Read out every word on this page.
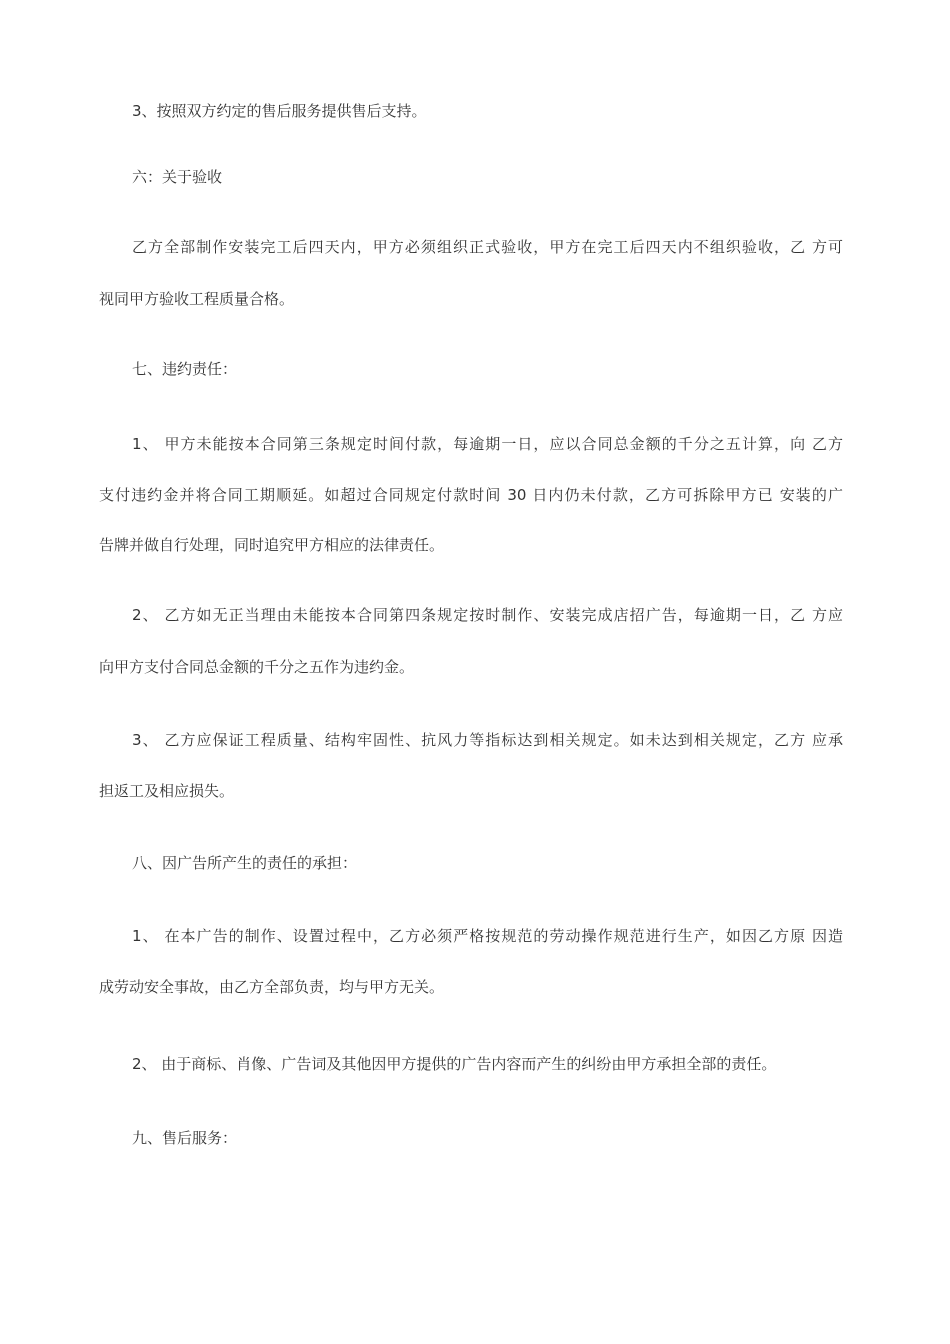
3、按照双方约定的售后服务提供售后支持。
六：关于验收
乙方全部制作安装完工后四天内，甲方必须组织正式验收，甲方在完工后四天内不组织验收，乙 方可
视同甲方验收工程质量合格。
七、违约责任：
1、 甲方未能按本合同第三条规定时间付款，每逾期一日，应以合同总金额的千分之五计算，向 乙方
支付违约金并将合同工期顺延。如超过合同规定付款时间 30 日内仍未付款，乙方可拆除甲方已 安装的广
告牌并做自行处理，同时追究甲方相应的法律责任。
2、 乙方如无正当理由未能按本合同第四条规定按时制作、安装完成店招广告，每逾期一日，乙 方应
向甲方支付合同总金额的千分之五作为违约金。
3、 乙方应保证工程质量、结构牢固性、抗风力等指标达到相关规定。如未达到相关规定，乙方 应承
担返工及相应损失。
八、因广告所产生的责任的承担：
1、 在本广告的制作、设置过程中，乙方必须严格按规范的劳动操作规范进行生产，如因乙方原 因造
成劳动安全事故，由乙方全部负责，均与甲方无关。
2、 由于商标、肖像、广告词及其他因甲方提供的广告内容而产生的纠纷由甲方承担全部的责任。
九、售后服务：
